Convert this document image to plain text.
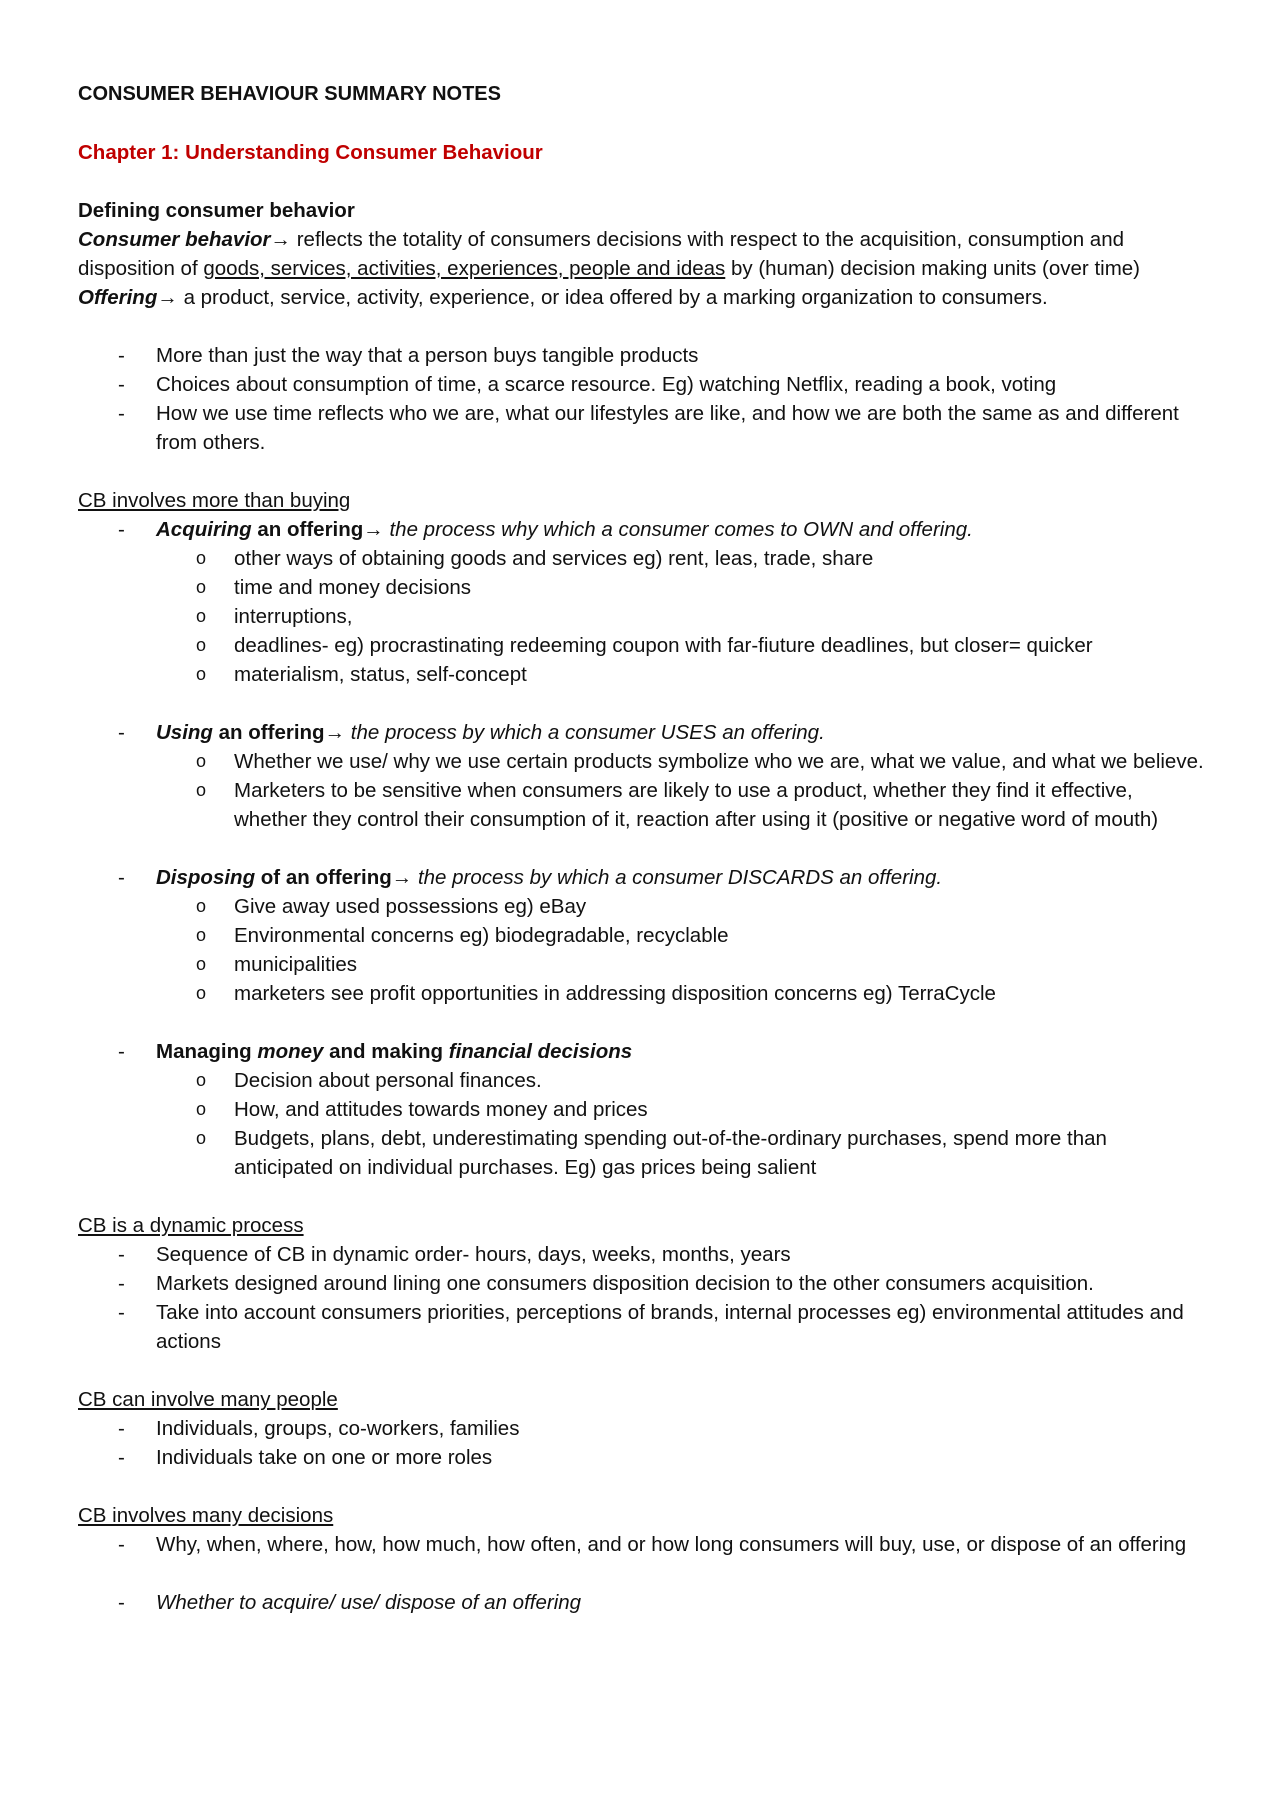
CONSUMER BEHAVIOUR SUMMARY NOTES

Chapter 1: Understanding Consumer Behaviour

Defining consumer behavior

Consumer behavior→ reflects the totality of consumers decisions with respect to the acquisition, consumption and disposition of goods, services, activities, experiences, people and ideas by (human) decision making units (over time)

Offering→ a product, service, activity, experience, or idea offered by a marking organization to consumers.

- More than just the way that a person buys tangible products
- Choices about consumption of time, a scarce resource. Eg) watching Netflix, reading a book, voting
- How we use time reflects who we are, what our lifestyles are like, and how we are both the same as and different from others.

CB involves more than buying

- Acquiring an offering→ the process why which a consumer comes to OWN and offering.
o other ways of obtaining goods and services eg) rent, leas, trade, share
o time and money decisions
o interruptions,
o deadlines- eg) procrastinating redeeming coupon with far-fiuture deadlines, but closer= quicker
o materialism, status, self-concept
- Using an offering→ the process by which a consumer USES an offering.
o Whether we use/ why we use certain products symbolize who we are, what we value, and what we believe.
o Marketers to be sensitive when consumers are likely to use a product, whether they find it effective, whether they control their consumption of it, reaction after using it (positive or negative word of mouth)
- Disposing of an offering→ the process by which a consumer DISCARDS an offering.
o Give away used possessions eg) eBay
o Environmental concerns eg) biodegradable, recyclable
o municipalities
o marketers see profit opportunities in addressing disposition concerns eg) TerraCycle
- Managing money and making financial decisions
o Decision about personal finances.
o How, and attitudes towards money and prices
o Budgets, plans, debt, underestimating spending out-of-the-ordinary purchases, spend more than anticipated on individual purchases. Eg) gas prices being salient

CB is a dynamic process

- Sequence of CB in dynamic order- hours, days, weeks, months, years
- Markets designed around lining one consumers disposition decision to the other consumers acquisition.
- Take into account consumers priorities, perceptions of brands, internal processes eg) environmental attitudes and actions

CB can involve many people

- Individuals, groups, co-workers, families
- Individuals take on one or more roles

CB involves many decisions

- Why, when, where, how, how much, how often, and or how long consumers will buy, use, or dispose of an offering
- Whether to acquire/ use/ dispose of an offering
